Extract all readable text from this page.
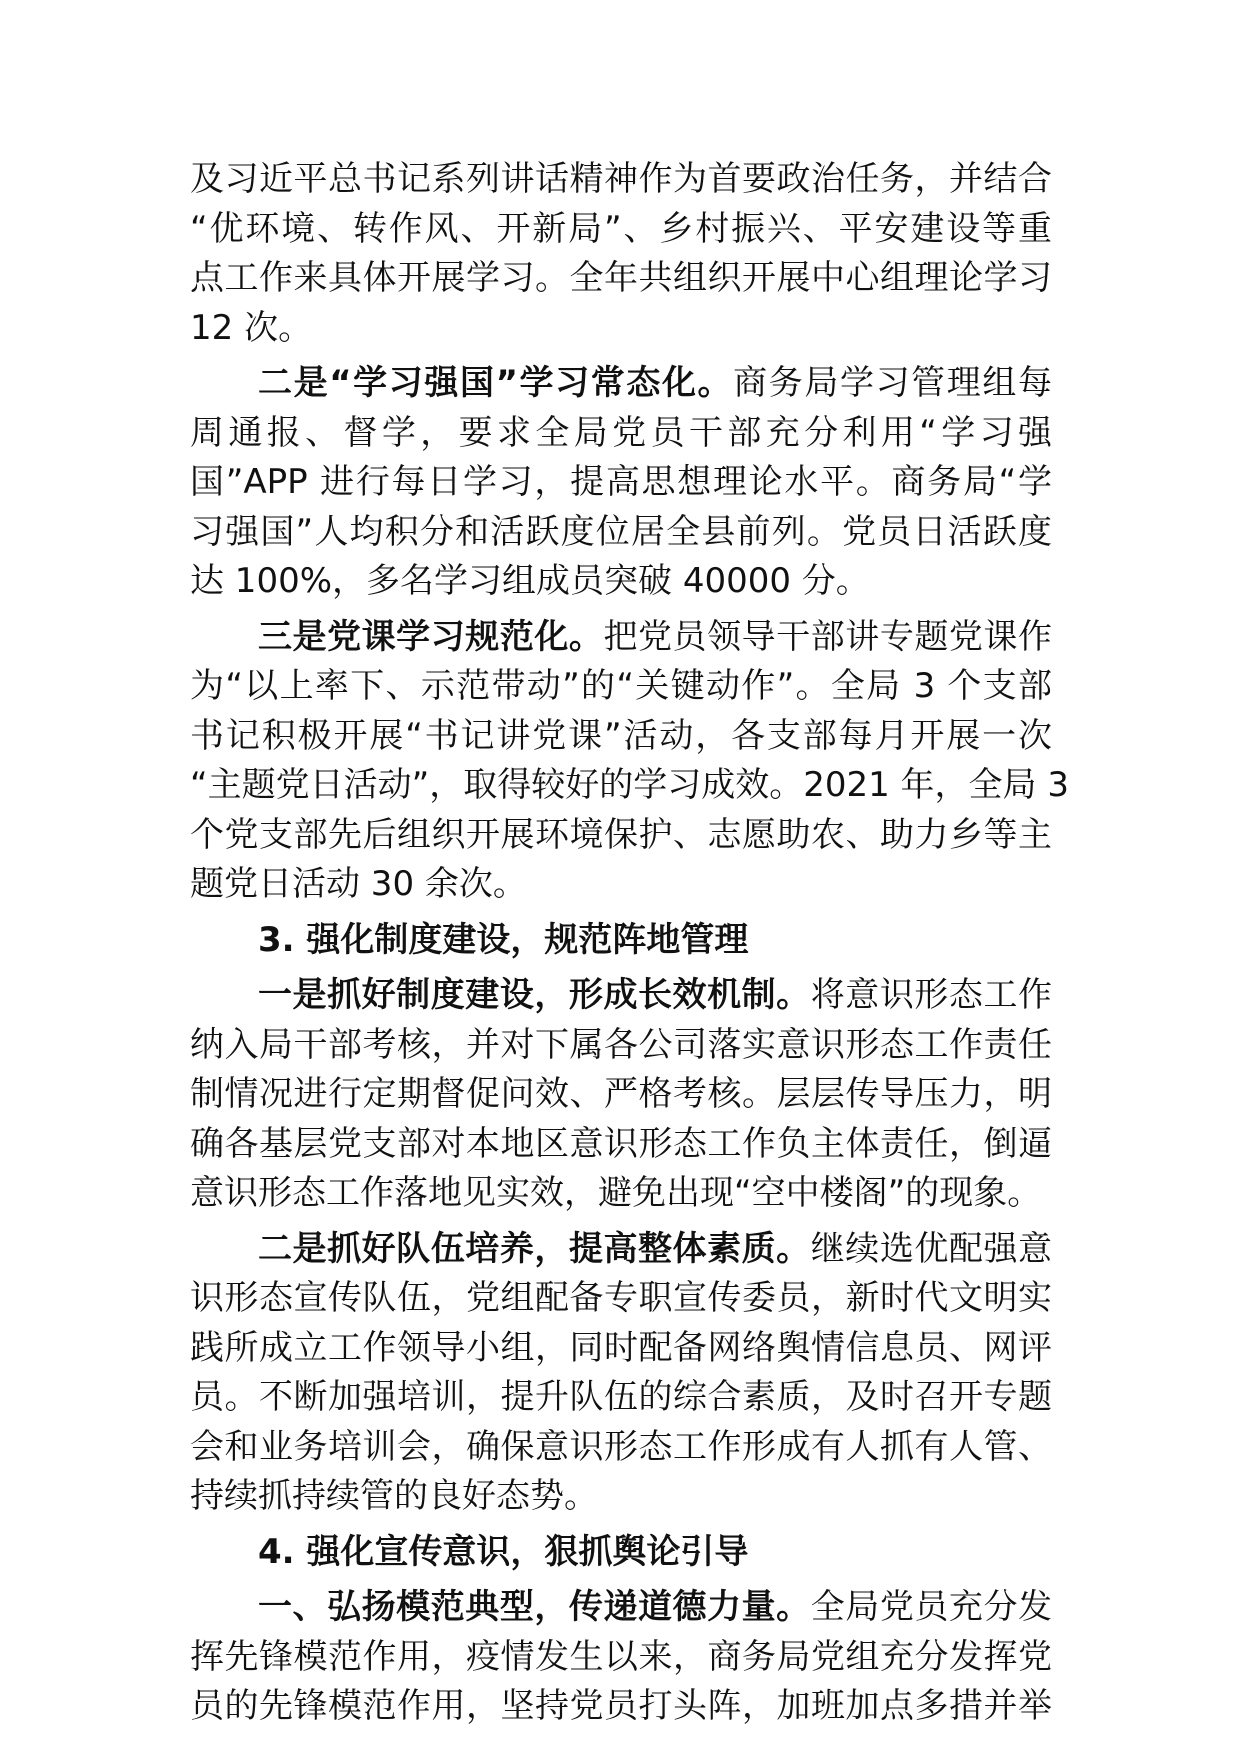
及习近平总书记系列讲话精神作为首要政治任务，并结合
“优环境、转作风、开新局”、乡村振兴、平安建设等重
点工作来具体开展学习。全年共组织开展中心组理论学习
12 次。
二是“学习强国”学习常态化。商务局学习管理组每
周通报、督学，要求全局党员干部充分利用“学习强
国”APP 进行每日学习，提高思想理论水平。商务局“学
习强国”人均积分和活跃度位居全县前列。党员日活跃度
达 100%，多名学习组成员突破 40000 分。
三是党课学习规范化。把党员领导干部讲专题党课作
为“以上率下、示范带动”的“关键动作”。全局 3 个支部
书记积极开展“书记讲党课”活动，各支部每月开展一次
“主题党日活动”，取得较好的学习成效。2021 年，全局 3
个党支部先后组织开展环境保护、志愿助农、助力乡等主
题党日活动 30 余次。
3. 强化制度建设，规范阵地管理
一是抓好制度建设，形成长效机制。将意识形态工作
纳入局干部考核，并对下属各公司落实意识形态工作责任
制情况进行定期督促问效、严格考核。层层传导压力，明
确各基层党支部对本地区意识形态工作负主体责任，倒逼
意识形态工作落地见实效，避免出现“空中楼阁”的现象。
二是抓好队伍培养，提高整体素质。继续选优配强意
识形态宣传队伍，党组配备专职宣传委员，新时代文明实
践所成立工作领导小组，同时配备网络舆情信息员、网评
员。不断加强培训，提升队伍的综合素质，及时召开专题
会和业务培训会，确保意识形态工作形成有人抓有人管、
持续抓持续管的良好态势。
4. 强化宣传意识，狠抓舆论引导
一、弘扬模范典型，传递道德力量。全局党员充分发
挥先锋模范作用，疫情发生以来，商务局党组充分发挥党
员的先锋模范作用，坚持党员打头阵，加班加点多措并举
